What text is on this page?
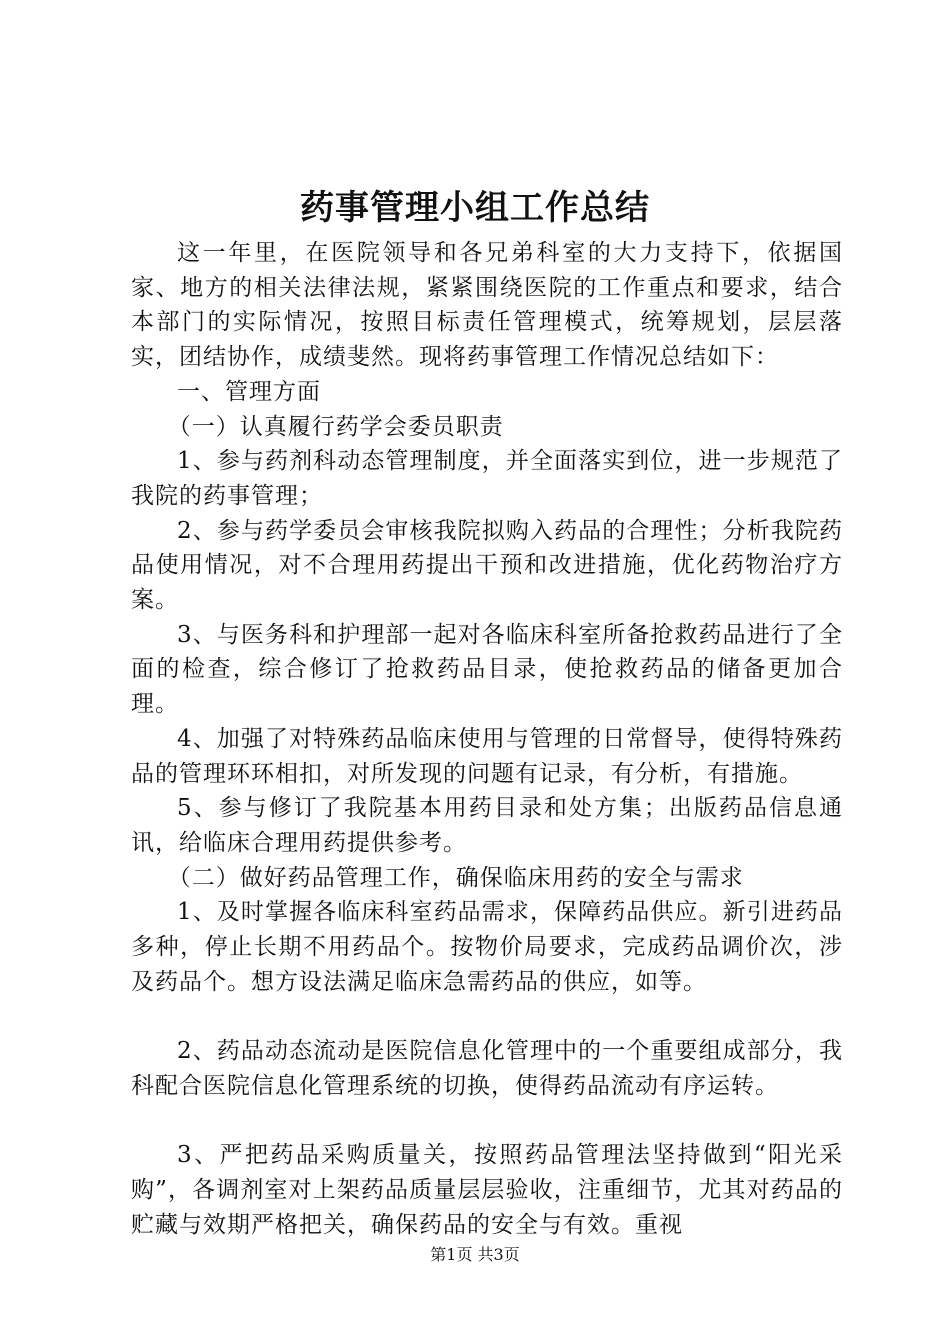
药事管理小组工作总结

这一年里，在医院领导和各兄弟科室的大力支持下，依据国家、地方的相关法律法规，紧紧围绕医院的工作重点和要求，结合本部门的实际情况，按照目标责任管理模式，统筹规划，层层落实，团结协作，成绩斐然。现将药事管理工作情况总结如下：

一、管理方面

（一）认真履行药学会委员职责

1、参与药剂科动态管理制度，并全面落实到位，进一步规范了我院的药事管理；

2、参与药学委员会审核我院拟购入药品的合理性；分析我院药品使用情况，对不合理用药提出干预和改进措施，优化药物治疗方案。

3、与医务科和护理部一起对各临床科室所备抢救药品进行了全面的检查，综合修订了抢救药品目录，使抢救药品的储备更加合理。

4、加强了对特殊药品临床使用与管理的日常督导，使得特殊药品的管理环环相扣，对所发现的问题有记录，有分析，有措施。

5、参与修订了我院基本用药目录和处方集；出版药品信息通讯，给临床合理用药提供参考。

（二）做好药品管理工作，确保临床用药的安全与需求

1、及时掌握各临床科室药品需求，保障药品供应。新引进药品多种，停止长期不用药品个。按物价局要求，完成药品调价次，涉及药品个。想方设法满足临床急需药品的供应，如等。

2、药品动态流动是医院信息化管理中的一个重要组成部分，我科配合医院信息化管理系统的切换，使得药品流动有序运转。

3、严把药品采购质量关，按照药品管理法坚持做到“阳光采购”，各调剂室对上架药品质量层层验收，注重细节，尤其对药品的贮藏与效期严格把关，确保药品的安全与有效。重视

第1页 共3页
